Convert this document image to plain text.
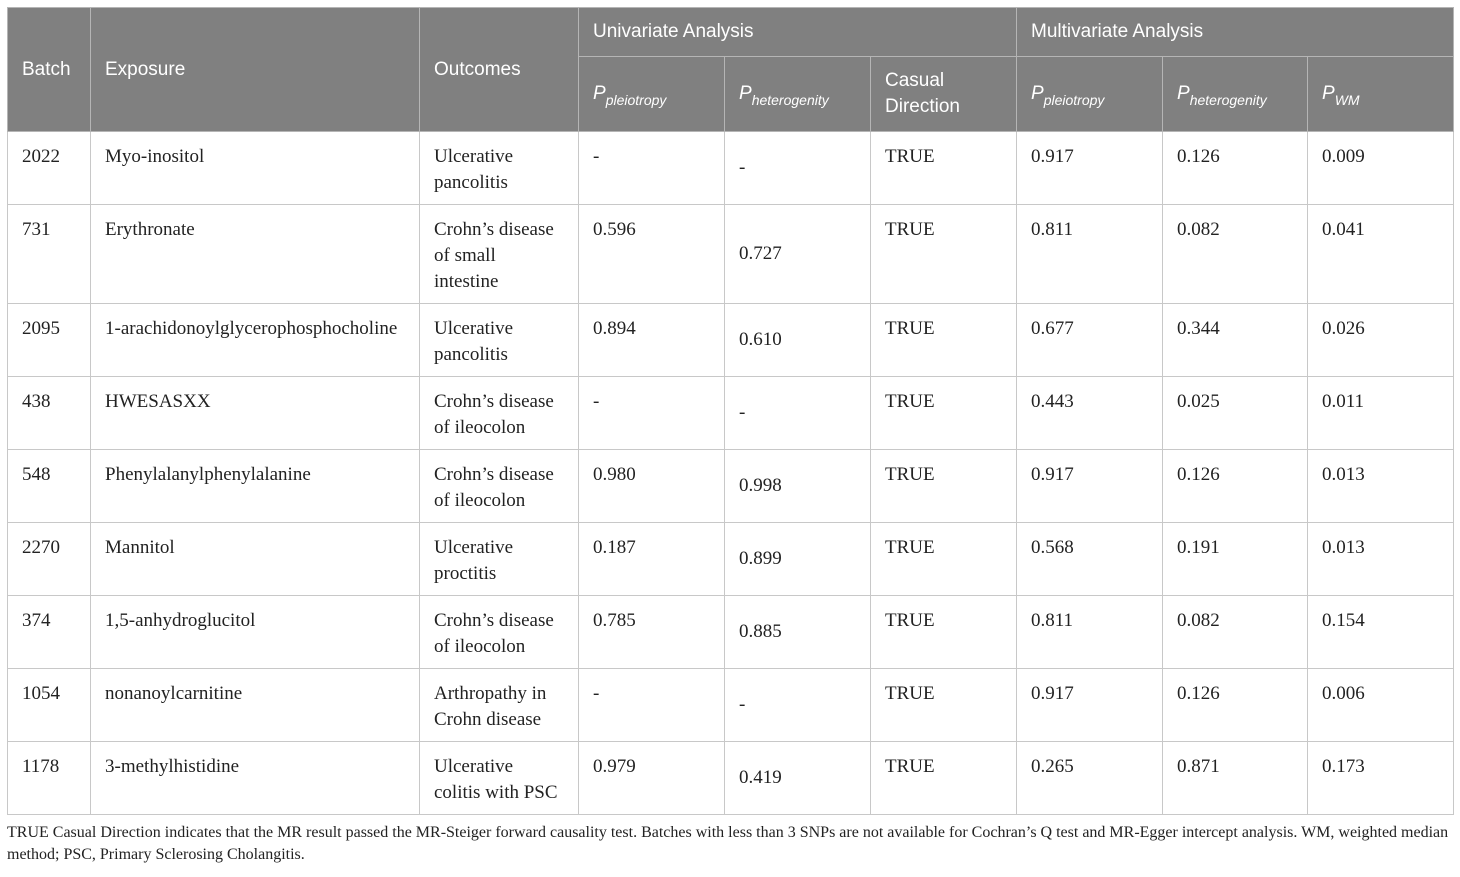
Batch	Exposure	Outcomes	Univariate Analysis			Multivariate Analysis		
			$P_{pleiotropy}$	$P_{heterogenity}$	Casual Direction	$P_{pleiotropy}$	$P_{heterogenity}$	$P_{WM}$
2022	Myo-inositol	Ulcerative pancolitis	-	-	TRUE	0.917	0.126	0.009
731	Erythronate	Crohn’s disease of small intestine	0.596	0.727	TRUE	0.811	0.082	0.041
2095	1-arachidonoylglycerophosphocholine	Ulcerative pancolitis	0.894	0.610	TRUE	0.677	0.344	0.026
438	HWESASXX	Crohn’s disease of ileocolon	-	-	TRUE	0.443	0.025	0.011
548	Phenylalanylphenylalanine	Crohn’s disease of ileocolon	0.980	0.998	TRUE	0.917	0.126	0.013
2270	Mannitol	Ulcerative proctitis	0.187	0.899	TRUE	0.568	0.191	0.013
374	1,5-anhydroglucitol	Crohn’s disease of ileocolon	0.785	0.885	TRUE	0.811	0.082	0.154
1054	nonanoylcarnitine	Arthropathy in Crohn disease	-	-	TRUE	0.917	0.126	0.006
1178	3-methylhistidine	Ulcerative colitis with PSC	0.979	0.419	TRUE	0.265	0.871	0.173
TRUE Casual Direction indicates that the MR result passed the MR-Steiger forward causality test. Batches with less than 3 SNPs are not available for Cochran’s Q test and MR-Egger intercept analysis. WM, weighted median method; PSC, Primary Sclerosing Cholangitis.
